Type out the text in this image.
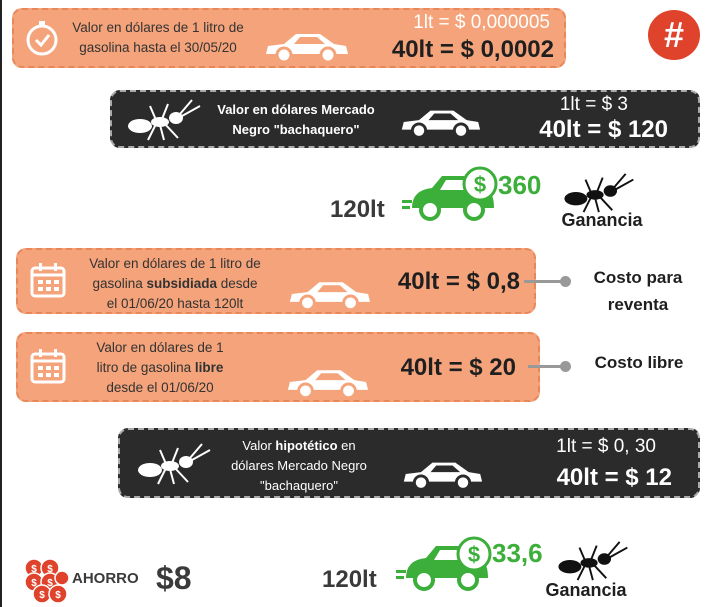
Valor en dólares de 1 litro de
gasolina hasta el 30/05/20
1lt = $ 0,000005
40lt = $ 0,0002	#
Valor en dólares Mercado
Negro "bachaquero"
1lt = $ 3
40lt = $ 120
120lt
$ 360
Ganancia
Valor en dólares de 1 litro de
gasolina subsidiada desde
el 01/06/20 hasta 120lt
40lt = $ 0,8	Costo para
reventa
Valor en dólares de 1
litro de gasolina libre
desde el 01/06/20
40lt = $ 20	Costo libre
Valor hipotético en
dólares Mercado Negro
"bachaquero"
1lt = $ 0, 30
40lt = $ 12
$ $
$ $
$ $
AHORRO $8	120lt
$ 33,6
Ganancia
